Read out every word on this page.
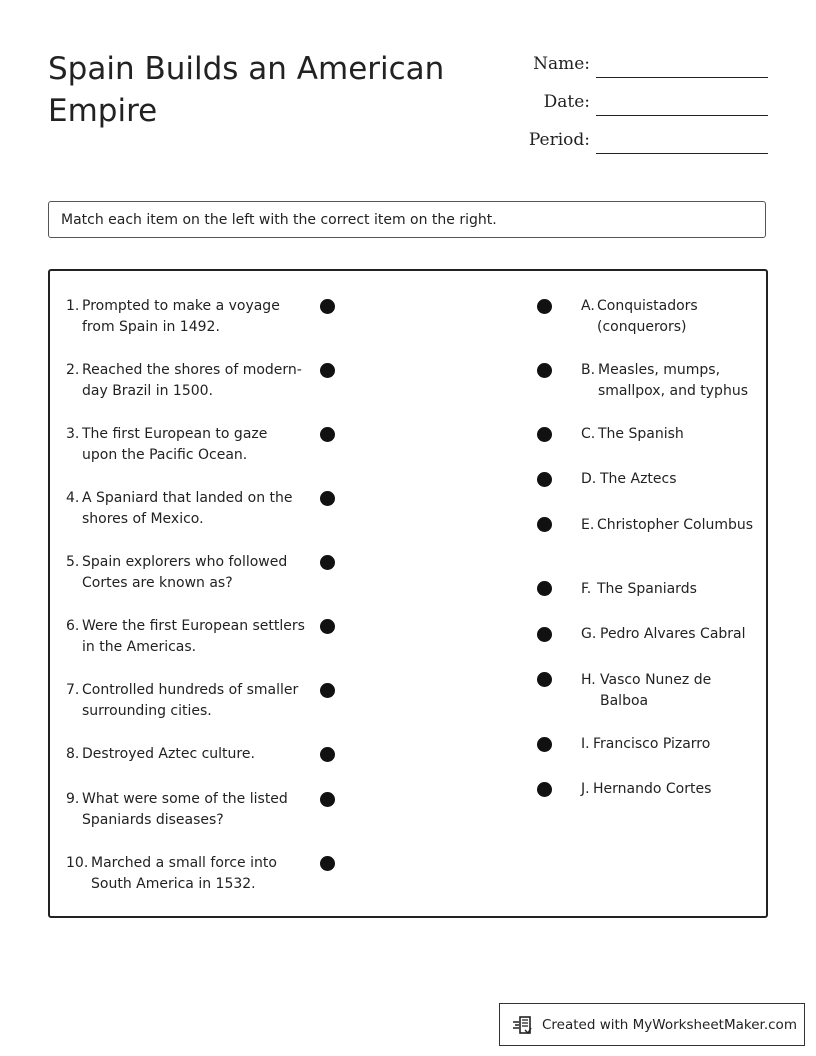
Spain Builds an American Empire
Name:
Date:
Period:
Match each item on the left with the correct item on the right.
1. Prompted to make a voyage from Spain in 1492.
2. Reached the shores of modern-day Brazil in 1500.
3. The first European to gaze upon the Pacific Ocean.
4. A Spaniard that landed on the shores of Mexico.
5. Spain explorers who followed Cortes are known as?
6. Were the first European settlers in the Americas.
7. Controlled hundreds of smaller surrounding cities.
8. Destroyed Aztec culture.
9. What were some of the listed Spaniards diseases?
10. Marched a small force into South America in 1532.
A. Conquistadors (conquerors)
B. Measles, mumps, smallpox, and typhus
C. The Spanish
D. The Aztecs
E. Christopher Columbus
F. The Spaniards
G. Pedro Alvares Cabral
H. Vasco Nunez de Balboa
I. Francisco Pizarro
J. Hernando Cortes
Created with MyWorksheetMaker.com
